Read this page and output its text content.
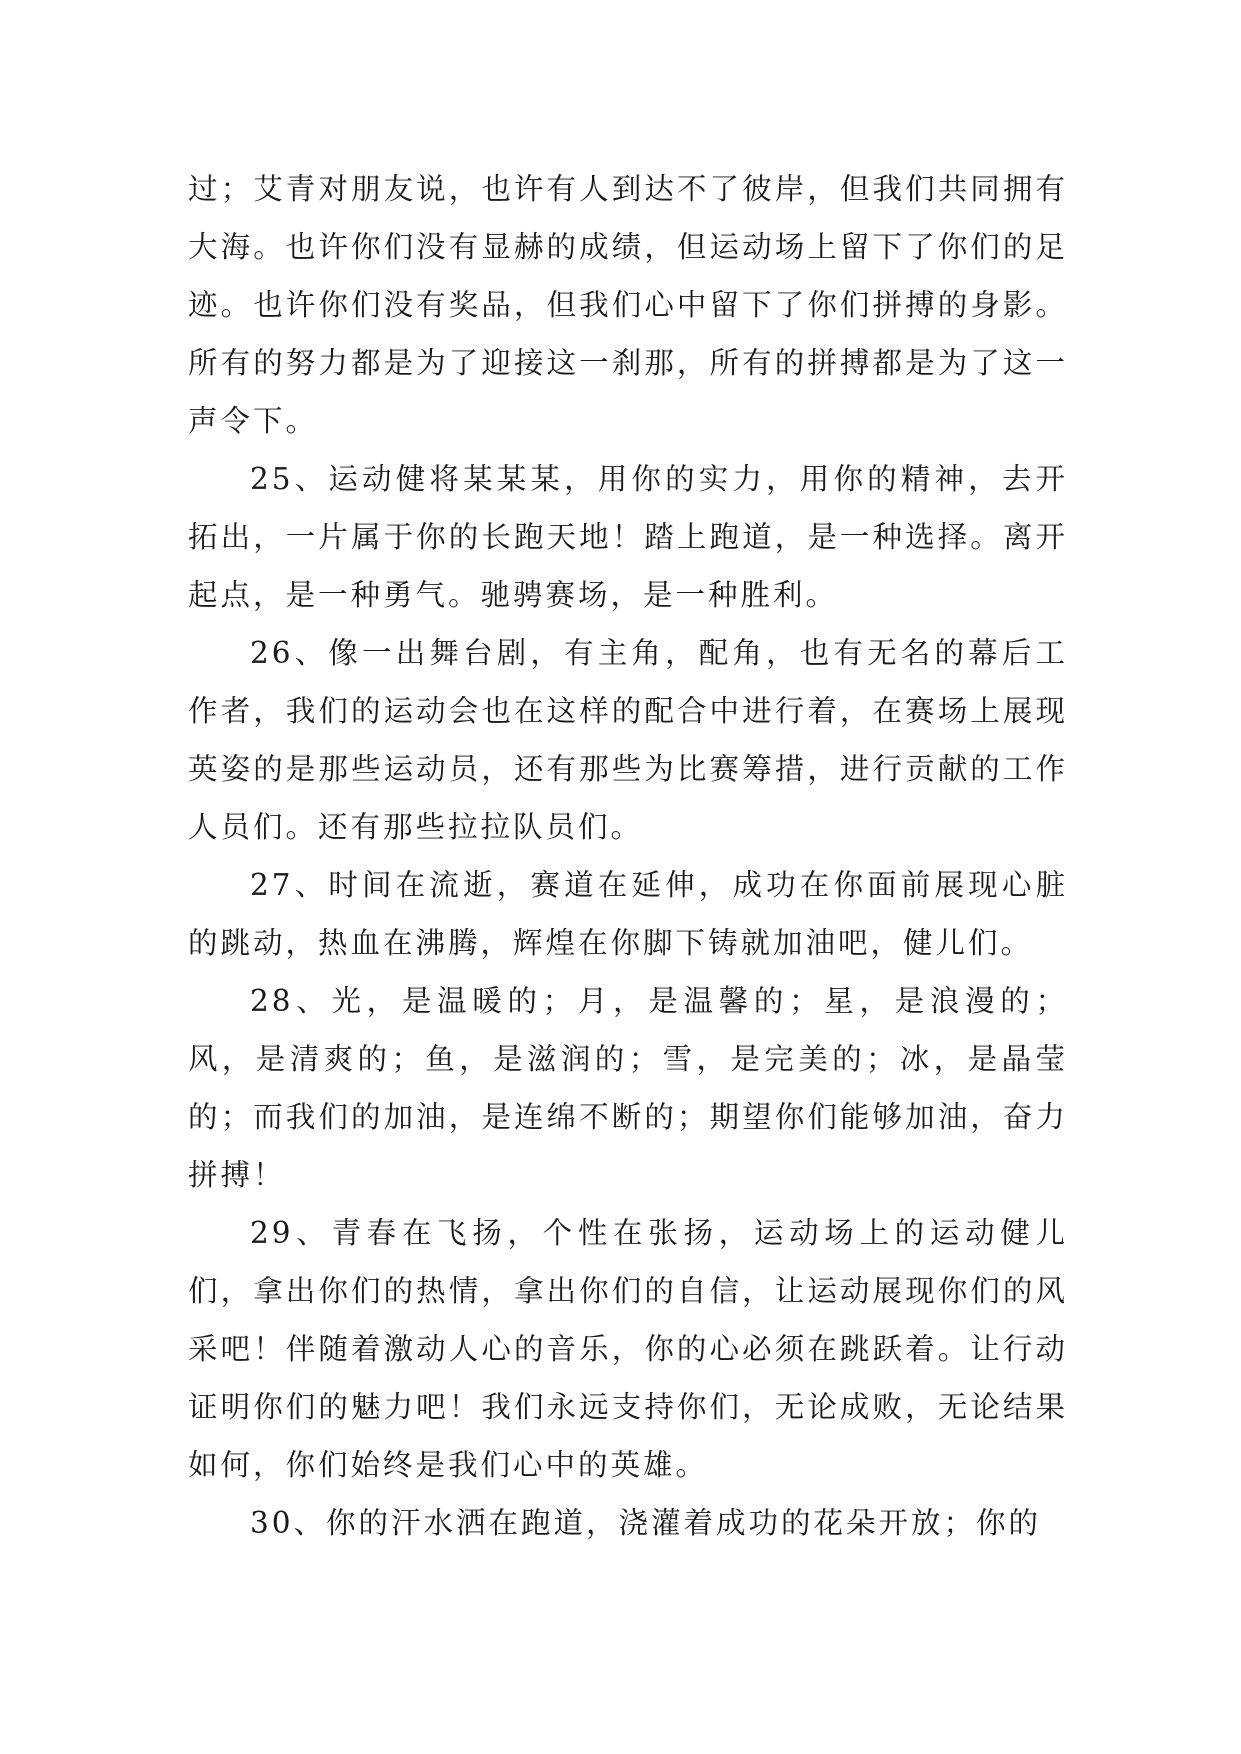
过；艾青对朋友说，也许有人到达不了彼岸，但我们共同拥有大海。也许你们没有显赫的成绩，但运动场上留下了你们的足迹。也许你们没有奖品，但我们心中留下了你们拼搏的身影。所有的努力都是为了迎接这一刹那，所有的拼搏都是为了这一声令下。

25、运动健将某某某，用你的实力，用你的精神，去开拓出，一片属于你的长跑天地！踏上跑道，是一种选择。离开起点，是一种勇气。驰骋赛场，是一种胜利。

26、像一出舞台剧，有主角，配角，也有无名的幕后工作者，我们的运动会也在这样的配合中进行着，在赛场上展现英姿的是那些运动员，还有那些为比赛筹措，进行贡献的工作人员们。还有那些拉拉队员们。

27、时间在流逝，赛道在延伸，成功在你面前展现心脏的跳动，热血在沸腾，辉煌在你脚下铸就加油吧，健儿们。

28、光，是温暖的；月，是温馨的；星，是浪漫的；风，是清爽的；鱼，是滋润的；雪，是完美的；冰，是晶莹的；而我们的加油，是连绵不断的；期望你们能够加油，奋力拼搏！

29、青春在飞扬，个性在张扬，运动场上的运动健儿们，拿出你们的热情，拿出你们的自信，让运动展现你们的风采吧！伴随着激动人心的音乐，你的心必须在跳跃着。让行动证明你们的魅力吧！我们永远支持你们，无论成败，无论结果如何，你们始终是我们心中的英雄。

30、你的汗水洒在跑道，浇灌着成功的花朵开放；你的
